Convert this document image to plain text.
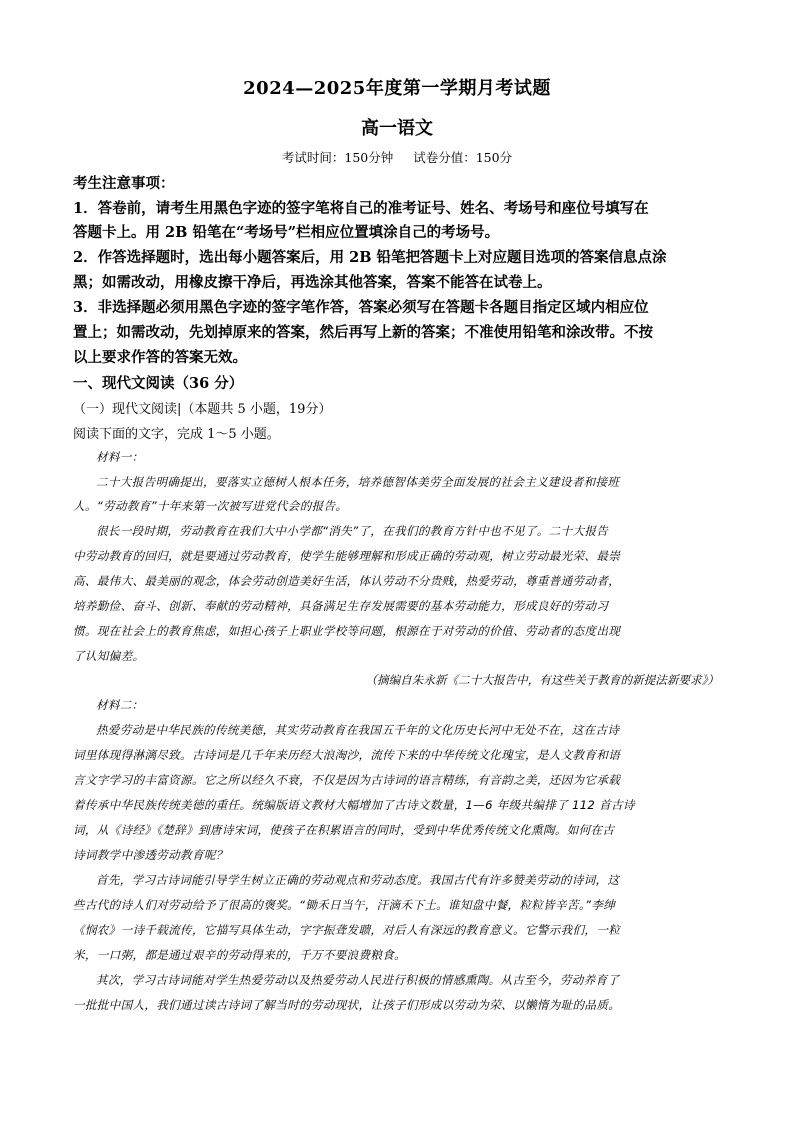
2024—2025年度第一学期月考试题
高一语文
考试时间：150分钟 试卷分值：150分
考生注意事项：
1．答卷前，请考生用黑色字迹的签字笔将自己的准考证号、姓名、考场号和座位号填写在
答题卡上。用 2B 铅笔在“考场号”栏相应位置填涂自己的考场号。
2．作答选择题时，选出每小题答案后，用 2B 铅笔把答题卡上对应题目选项的答案信息点涂
黑；如需改动，用橡皮擦干净后，再选涂其他答案，答案不能答在试卷上。
3．非选择题必须用黑色字迹的签字笔作答，答案必须写在答题卡各题目指定区域内相应位
置上；如需改动，先划掉原来的答案，然后再写上新的答案；不准使用铅笔和涂改带。不按
以上要求作答的答案无效。
一、现代文阅读（36 分）
（一）现代文阅读|（本题共 5 小题，19分）
阅读下面的文字，完成 1～5 小题。
材料一：
二十大报告明确提出，要落实立德树人根本任务，培养德智体美劳全面发展的社会主义建设者和接班
人。“劳动教育”十年来第一次被写进党代会的报告。
很长一段时期，劳动教育在我们大中小学都“消失”了，在我们的教育方针中也不见了。二十大报告
中劳动教育的回归，就是要通过劳动教育，使学生能够理解和形成正确的劳动观，树立劳动最光荣、最崇
高、最伟大、最美丽的观念，体会劳动创造美好生活，体认劳动不分贵贱，热爱劳动，尊重普通劳动者，
培养勤俭、奋斗、创新、奉献的劳动精神，具备满足生存发展需要的基本劳动能力，形成良好的劳动习
惯。现在社会上的教育焦虑，如担心孩子上职业学校等问题，根源在于对劳动的价值、劳动者的态度出现
了认知偏差。
（摘编自朱永新《二十大报告中，有这些关于教育的新提法新要求》）
材料二：
热爱劳动是中华民族的传统美德，其实劳动教育在我国五千年的文化历史长河中无处不在，这在古诗
词里体现得淋漓尽致。古诗词是几千年来历经大浪淘沙，流传下来的中华传统文化瑰宝，是人文教育和语
言文字学习的丰富资源。它之所以经久不衰，不仅是因为古诗词的语言精练，有音韵之美，还因为它承载
着传承中华民族传统美德的重任。统编版语文教材大幅增加了古诗文数量，1—6 年级共编排了 112 首古诗
词，从《诗经》《楚辞》到唐诗宋词，使孩子在积累语言的同时，受到中华优秀传统文化熏陶。如何在古
诗词教学中渗透劳动教育呢？
首先，学习古诗词能引导学生树立正确的劳动观点和劳动态度。我国古代有许多赞美劳动的诗词，这
些古代的诗人们对劳动给予了很高的褒奖。“锄禾日当午，汗滴禾下土。谁知盘中餐，粒粒皆辛苦。”李绅
《悯农》一诗千载流传，它描写具体生动，字字振聋发聩，对后人有深远的教育意义。它警示我们，一粒
米，一口粥，都是通过艰辛的劳动得来的，千万不要浪费粮食。
其次，学习古诗词能对学生热爱劳动以及热爱劳动人民进行积极的情感熏陶。从古至今，劳动养育了
一批批中国人，我们通过读古诗词了解当时的劳动现状，让孩子们形成以劳动为荣、以懒惰为耻的品质。
